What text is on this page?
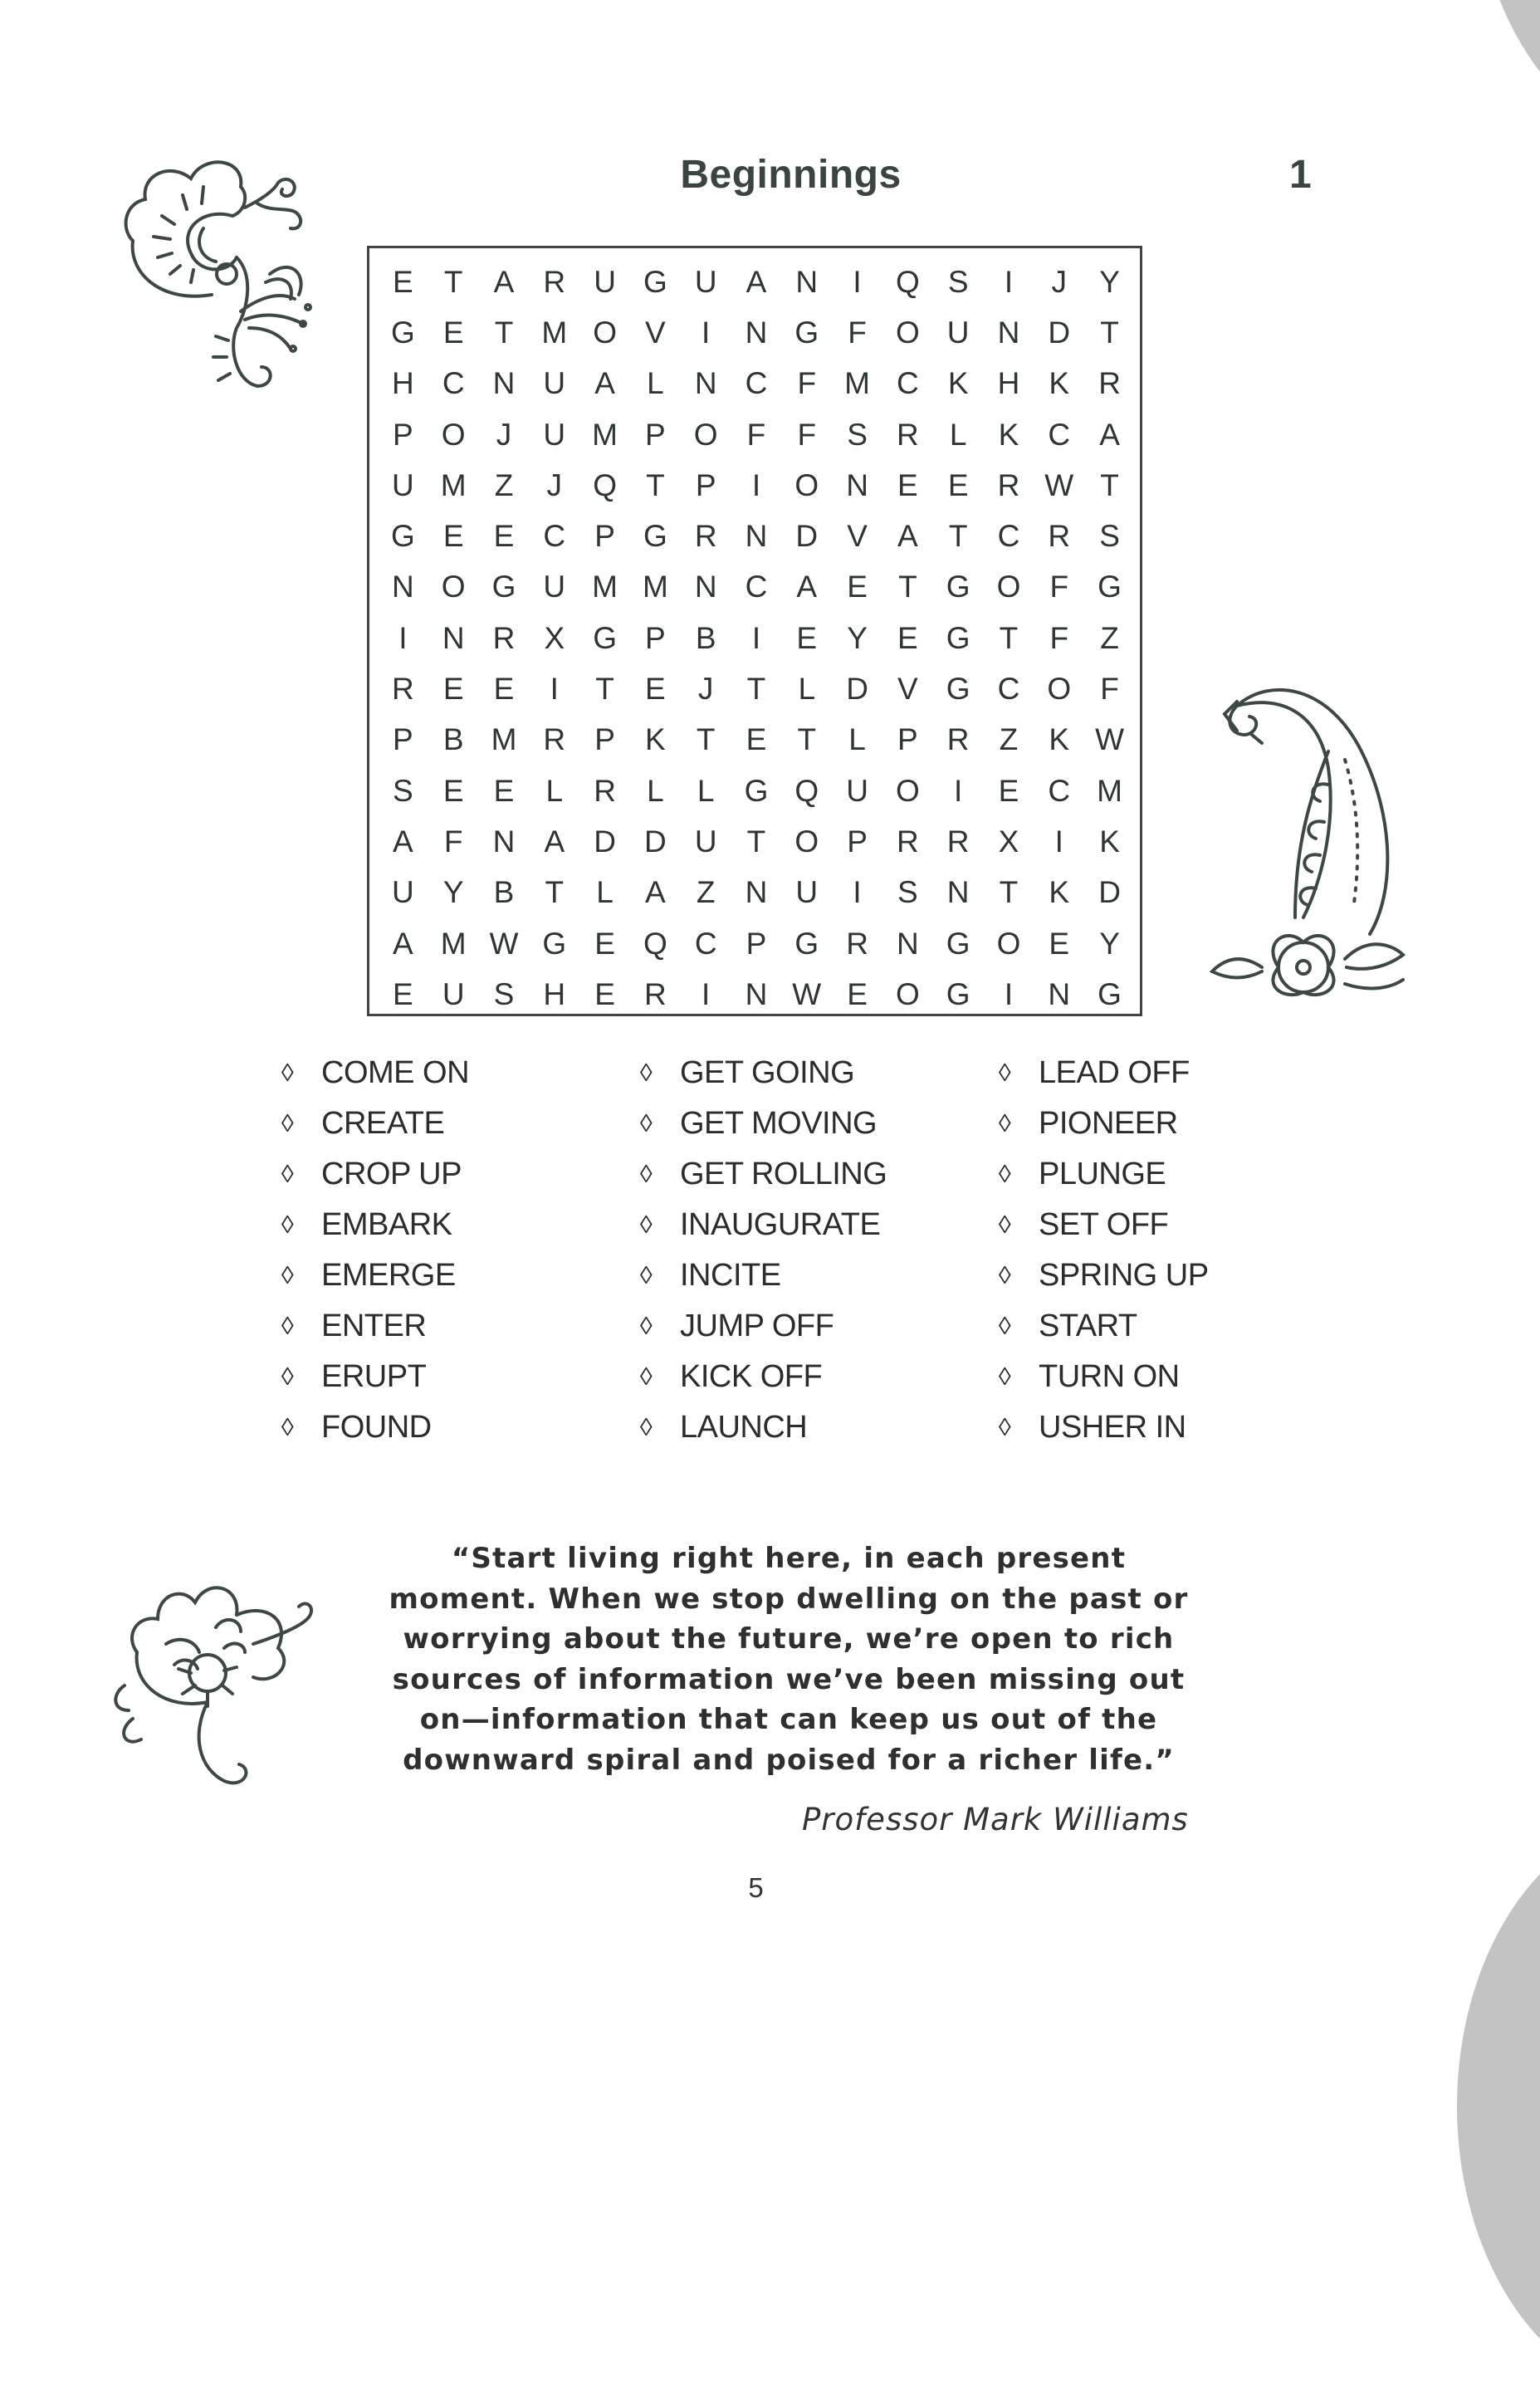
Beginnings	1
E	T	A R U G U A N	I	Q S	I	J	Y
G E	T M O V	I	N G F O U N D T
H C N U A	L	N C F M C K H K R
P O	J	U M P O F	F	S R	L	K C A
U M Z	J	Q T	P	I	O N E E R W T
G E E C P G R N D V A	T C R S
N O G U M M N C A E	T G O F G
I	N R X G P B	I	E Y E G T	F	Z
R E E	I	T	E	J	T	L	D V G C O F
P B M R P K	T	E	T	L	P R Z	K W
S E E	L	R	L	L G Q U O	I	E C M
A	F N A D D U T O P R R X	I	K
U Y B	T	L	A	Z N U	I	S N T	K D
A M W G E Q C P G R N G O E Y
E U S H E R	I	N W E O G	I	N G
◊ COME ON
◊ CREATE
◊ CROP UP
◊ EMBARK
◊ EMERGE
◊ ENTER
◊ ERUPT
◊ FOUND
◊ GET GOING
◊ GET MOVING
◊ GET ROLLING
◊ INAUGURATE
◊ INCITE
◊ JUMP OFF
◊ KICK OFF
◊ LAUNCH
◊ LEAD OFF
◊ PIONEER
◊ PLUNGE
◊ SET OFF
◊ SPRING UP
◊ START
◊ TURN ON
◊ USHER IN
“Start living right here, in each present
moment. When we stop dwelling on the past or
worrying about the future, we’re open to rich
sources of information we’ve been missing out
on—information that can keep us out of the
downward spiral and poised for a richer life.”
Professor Mark Williams
5
